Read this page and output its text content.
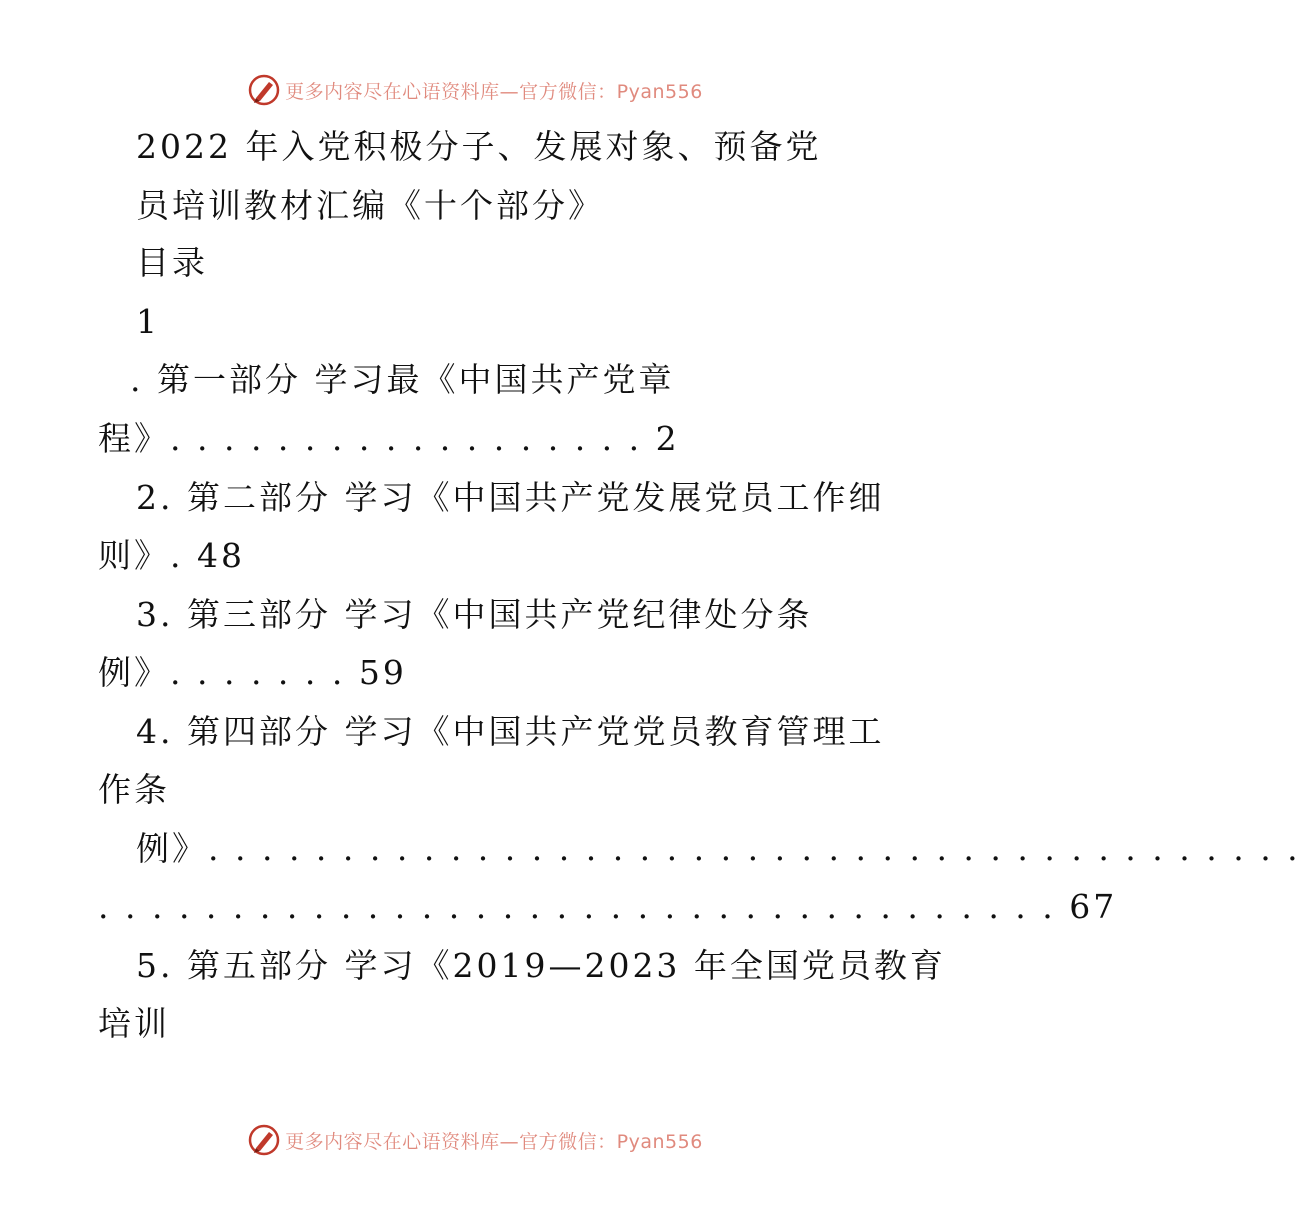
更多内容尽在心语资料库—官方微信：Pyan556
2022 年入党积极分子、发展对象、预备党
员培训教材汇编《十个部分》
目录
1
. 第一部分 学习最《中国共产党章
程》. . . . . . . . . . . . . . . . . . 2
2. 第二部分 学习《中国共产党发展党员工作细
则》. 48
3. 第三部分 学习《中国共产党纪律处分条
例》. . . . . . . 59
4. 第四部分 学习《中国共产党党员教育管理工
作条
例》. . . . . . . . . . . . . . . . . . . . . . . . . . . . . . . . . . . . . . . . .
. . . . . . . . . . . . . . . . . . . . . . . . . . . . . . . . . . . . 67
5. 第五部分 学习《2019—2023 年全国党员教育
培训
更多内容尽在心语资料库—官方微信：Pyan556
